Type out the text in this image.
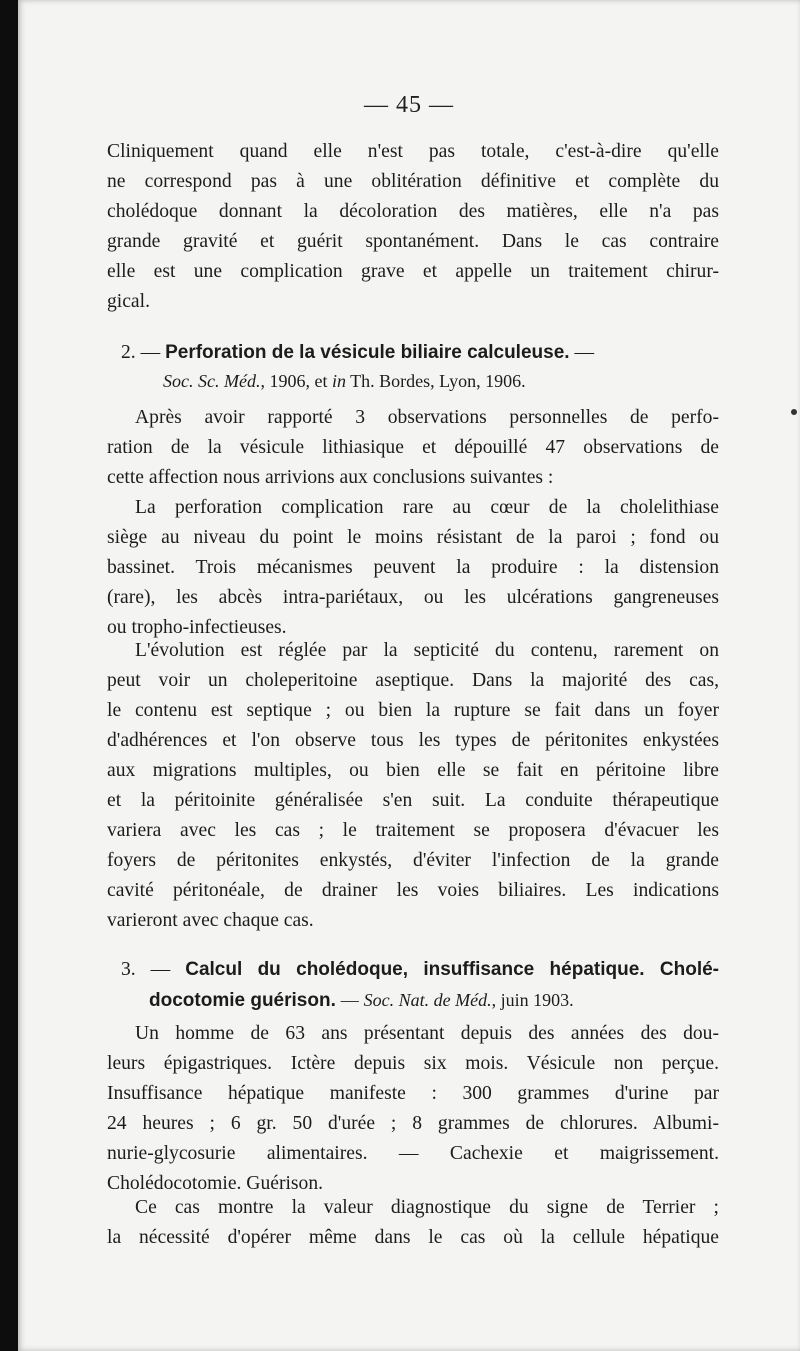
— 45 —
Cliniquement quand elle n'est pas totale, c'est-à-dire qu'elle
ne correspond pas à une oblitération définitive et complète du
cholédoque donnant la décoloration des matières, elle n'a pas
grande gravité et guérit spontanément. Dans le cas contraire
elle est une complication grave et appelle un traitement chirur-
gical.
2. — Perforation de la vésicule biliaire calculeuse. —
Soc. Sc. Méd., 1906, et in Th. Bordes, Lyon, 1906.
Après avoir rapporté 3 observations personnelles de perfo-
ration de la vésicule lithiasique et dépouillé 47 observations de
cette affection nous arrivions aux conclusions suivantes :
La perforation complication rare au cœur de la cholelithiase
siège au niveau du point le moins résistant de la paroi ; fond ou
bassinet. Trois mécanismes peuvent la produire : la distension
(rare), les abcès intra-pariétaux, ou les ulcérations gangreneuses
ou tropho-infectieuses.
L'évolution est réglée par la septicité du contenu, rarement on
peut voir un choleperitoine aseptique. Dans la majorité des cas,
le contenu est septique ; ou bien la rupture se fait dans un foyer
d'adhérences et l'on observe tous les types de péritonites enkystées
aux migrations multiples, ou bien elle se fait en péritoine libre
et la péritoinite généralisée s'en suit. La conduite thérapeutique
variera avec les cas ; le traitement se proposera d'évacuer les
foyers de péritonites enkystés, d'éviter l'infection de la grande
cavité péritonéale, de drainer les voies biliaires. Les indications
varieront avec chaque cas.
3. — Calcul du cholédoque, insuffisance hépatique. Cholé-
docotomie guérison. — Soc. Nat. de Méd., juin 1903.
Un homme de 63 ans présentant depuis des années des dou-
leurs épigastriques. Ictère depuis six mois. Vésicule non perçue.
Insuffisance hépatique manifeste : 300 grammes d'urine par
24 heures ; 6 gr. 50 d'urée ; 8 grammes de chlorures. Albumi-
nurie-glycosurie alimentaires. — Cachexie et maigrissement.
Cholédocotomie. Guérison.
Ce cas montre la valeur diagnostique du signe de Terrier ;
la nécessité d'opérer même dans le cas où la cellule hépatique
